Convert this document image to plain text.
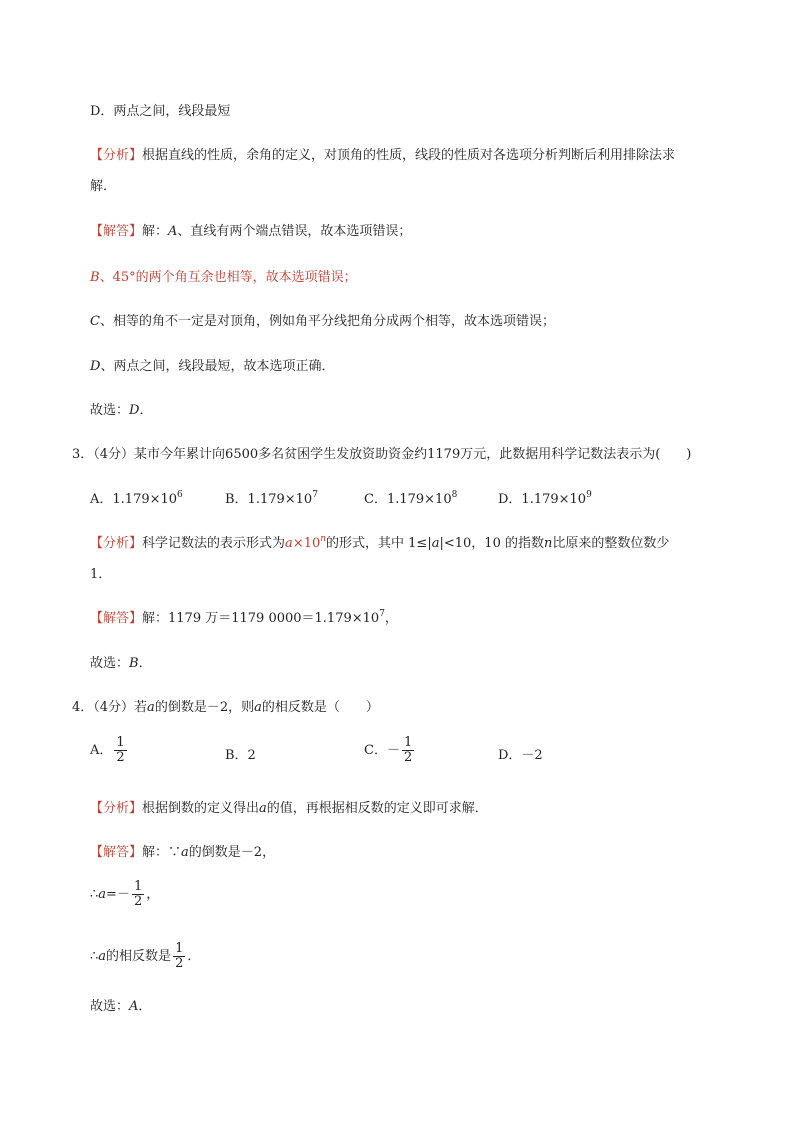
D．两点之间，线段最短
【分析】根据直线的性质，余角的定义，对顶角的性质，线段的性质对各选项分析判断后利用排除法求
解．
【解答】解：A、直线有两个端点错误，故本选项错误；
B、45°的两个角互余也相等，故本选项错误；
C、相等的角不一定是对顶角，例如角平分线把角分成两个相等，故本选项错误；
D、两点之间，线段最短，故本选项正确．
故选：D．
3．（4分）某市今年累计向6500多名贫困学生发放资助资金约1179万元，此数据用科学记数法表示为(　　)
A．$1.179\times 10^6$	B．$1.179\times 10^7$	C．$1.179\times 10^8$	D．$1.179\times 10^9$
【分析】科学记数法的表示形式为$a\times 10^n$的形式，其中 1≤|a|<10，10 的指数n比原来的整数位数少
1．
【解答】解：1179 万＝1179 $0000=1.179\times 10^7$，
故选：B．
4．（4分）若a的倒数是－2，则a的相反数是（　　）
A． $\frac{1}{2}$	B．2	C．－ $\frac{1}{2}$	D．－2
【分析】根据倒数的定义得出a的值，再根据相反数的定义即可求解．
【解答】解：∵a的倒数是－2，
∴a=－ $\frac{1}{2}$ ，
∴a的相反数是 $\frac{1}{2}$ ．
故选：A．
